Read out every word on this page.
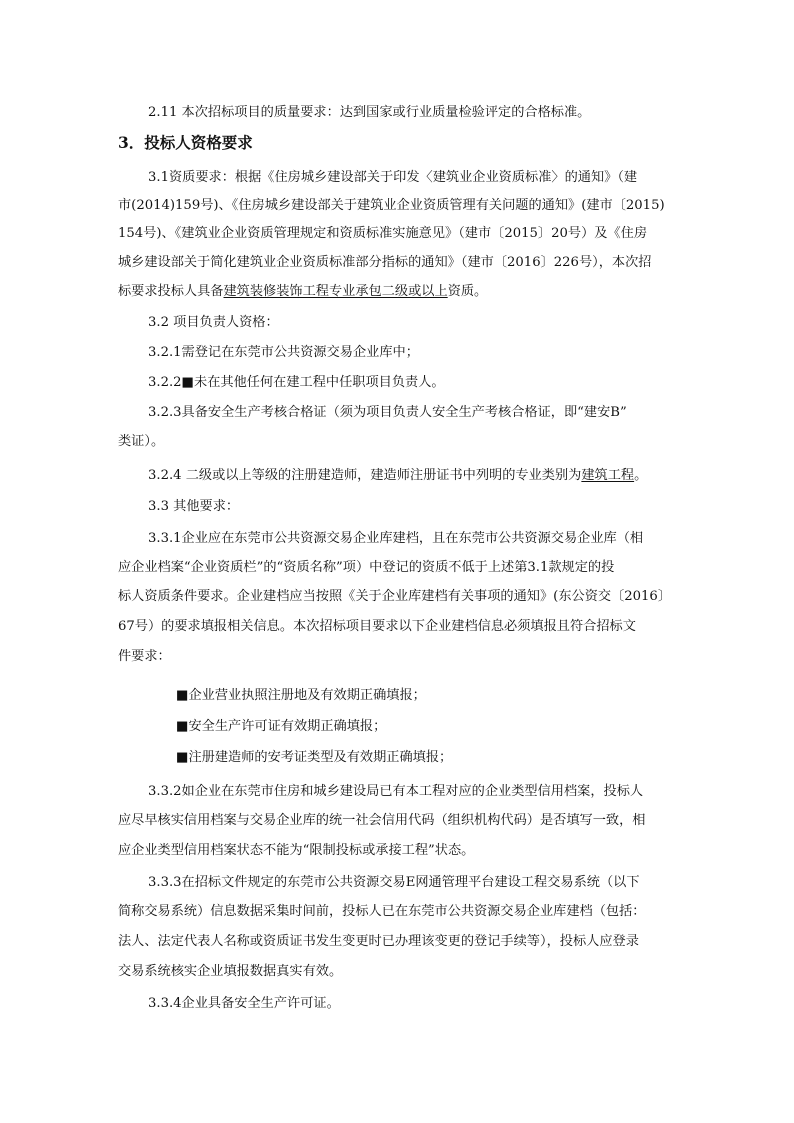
2.11 本次招标项目的质量要求：达到国家或行业质量检验评定的合格标准。

3．投标人资格要求

3.1资质要求：根据《住房城乡建设部关于印发〈建筑业企业资质标准〉的通知》（建

市(2014)159号)、《住房城乡建设部关于建筑业企业资质管理有关问题的通知》(建市〔2015)

154号)、《建筑业企业资质管理规定和资质标准实施意见》（建市〔2015〕20号）及《住房

城乡建设部关于简化建筑业企业资质标准部分指标的通知》（建市〔2016〕226号），本次招

标要求投标人具备建筑装修装饰工程专业承包二级或以上资质。

3.2 项目负责人资格：

3.2.1需登记在东莞市公共资源交易企业库中；

3.2.2■未在其他任何在建工程中任职项目负责人。

3.2.3具备安全生产考核合格证（须为项目负责人安全生产考核合格证，即“建安B”

类证）。

3.2.4 二级或以上等级的注册建造师，建造师注册证书中列明的专业类别为建筑工程。

3.3 其他要求：

3.3.1企业应在东莞市公共资源交易企业库建档，且在东莞市公共资源交易企业库（相

应企业档案“企业资质栏”的“资质名称”项）中登记的资质不低于上述第3.1款规定的投

标人资质条件要求。企业建档应当按照《关于企业库建档有关事项的通知》(东公资交〔2016〕

67号）的要求填报相关信息。本次招标项目要求以下企业建档信息必须填报且符合招标文

件要求：

■企业营业执照注册地及有效期正确填报；

■安全生产许可证有效期正确填报；

■注册建造师的安考证类型及有效期正确填报；

3.3.2如企业在东莞市住房和城乡建设局已有本工程对应的企业类型信用档案，投标人

应尽早核实信用档案与交易企业库的统一社会信用代码（组织机构代码）是否填写一致，相

应企业类型信用档案状态不能为“限制投标或承接工程”状态。

3.3.3在招标文件规定的东莞市公共资源交易E网通管理平台建设工程交易系统（以下

简称交易系统）信息数据采集时间前，投标人已在东莞市公共资源交易企业库建档（包括：

法人、法定代表人名称或资质证书发生变更时已办理该变更的登记手续等），投标人应登录

交易系统核实企业填报数据真实有效。

3.3.4企业具备安全生产许可证。
